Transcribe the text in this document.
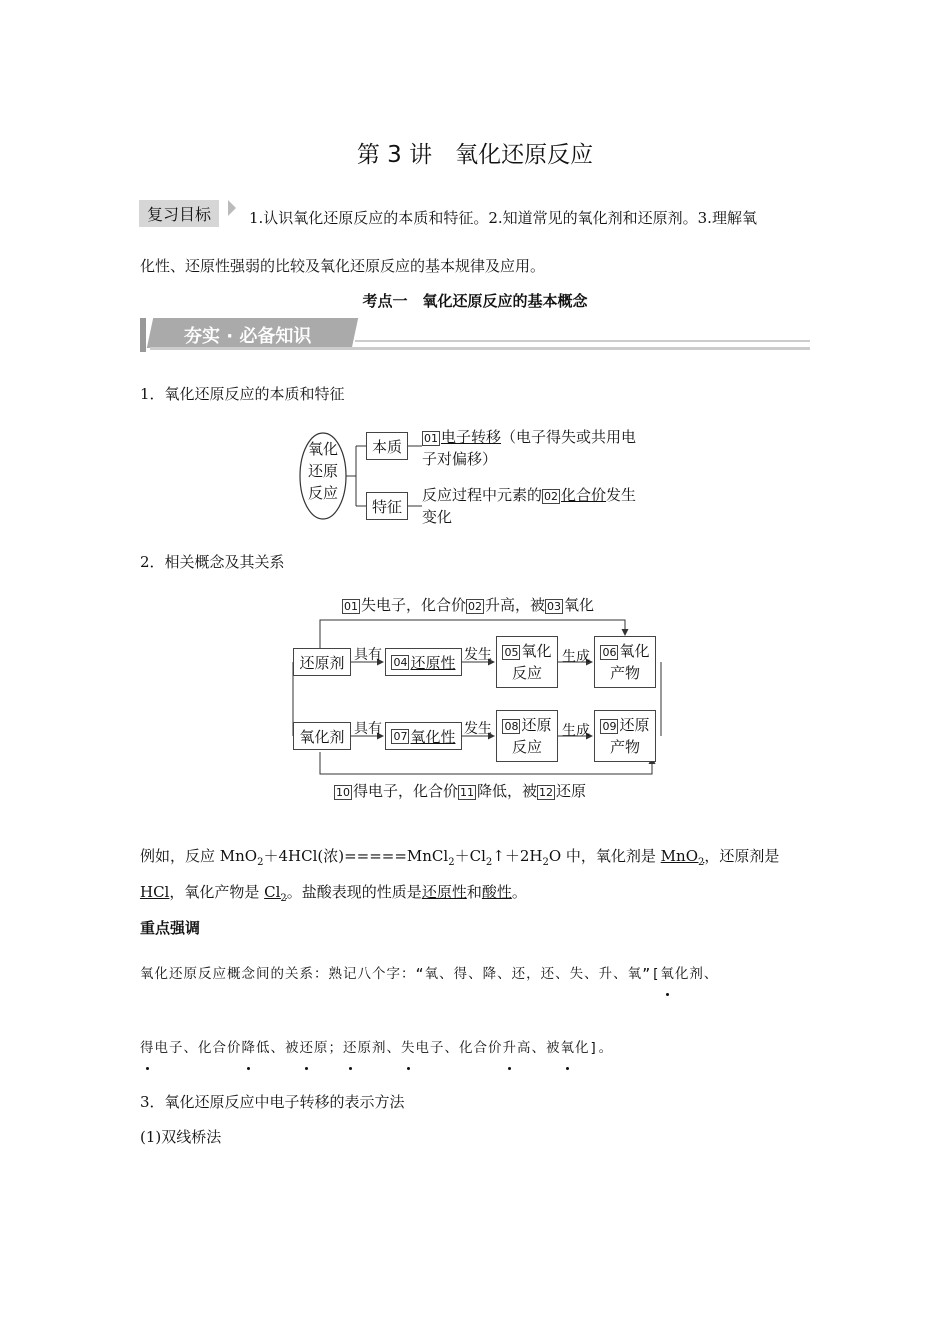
第 3 讲　氧化还原反应
复习目标	1.认识氧化还原反应的本质和特征。2.知道常见的氧化剂和还原剂。3.理解氧
化性、还原性强弱的比较及氧化还原反应的基本规律及应用。
考点一　氧化还原反应的基本概念
夯实 · 必备知识
1．氧化还原反应的本质和特征
氧化
还原
反应
本质
特征
01 电子转移（电子得失或共用电
子对偏移）
反应过程中元素的 02 化合价发生
变化
2．相关概念及其关系
01 失电子，化合价 02 升高，被 03 氧化
还原剂 具有 04 还原性 发生 05 氧化
反应
生成 06 氧化
产物
氧化剂 具有 07 氧化性 发生 08 还原
反应
生成 09 还原
产物
10 得电子，化合价 11 降低，被 12 还原
例如，反应 MnO$_2$＋4HCl(浓)$=====MnCl_2+Cl_2↑+2H_2O$ 中，氧化剂是 MnO$_2$，还原剂是
HCl，氧化产物是 $Cl_2$。盐酸表现的性质是还原性和酸性。
重点强调
氧化还原反应概念间的关系：熟记八个字：“氧、得、降、还，还、失、升、氧”[氧化剂、
得电子、化合价降低、被还原；还原剂、失电子、化合价升高、被氧化]。
3．氧化还原反应中电子转移的表示方法
(1)双线桥法
